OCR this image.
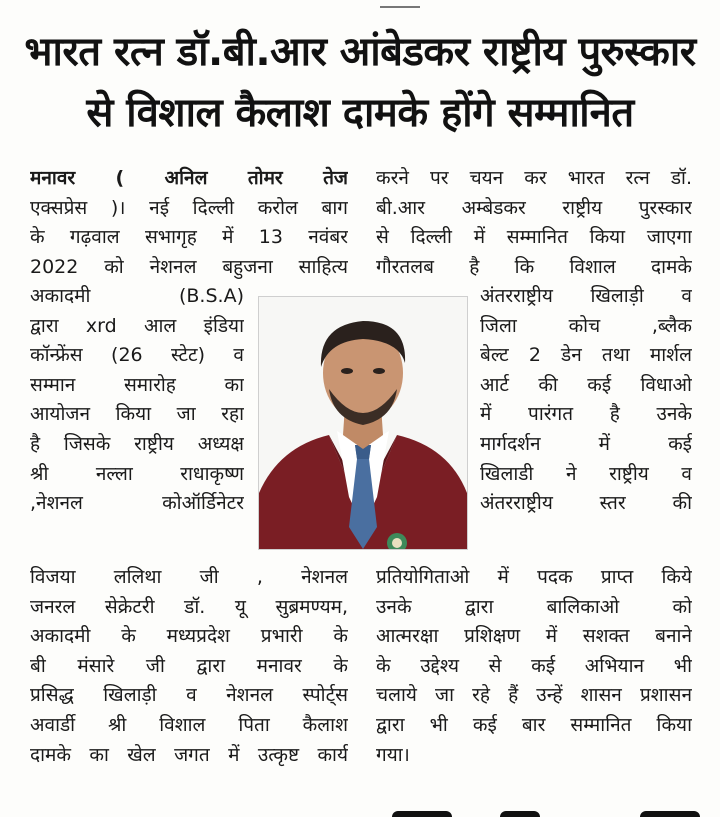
भारत रत्न डॉ.बी.आर आंबेडकर राष्ट्रीय पुरुस्कार
से विशाल कैलाश दामके होंगे सम्मानित
मनावर ( अनिल तोमर तेज
एक्सप्रेस )। नई दिल्ली करोल बाग
के गढ़वाल सभागृह में 13 नवंबर
2022 को नेशनल बहुजना साहित्य
अकादमी (B.S.A)
द्वारा xrd आल इंडिया
कॉन्फ्रेंस (26 स्टेट) व
सम्मान समारोह का
आयोजन किया जा रहा
है जिसके राष्ट्रीय अध्यक्ष
श्री नल्ला राधाकृष्ण
,नेशनल कोऑर्डिनेटर
विजया ललिथा जी , नेशनल
जनरल सेक्रेटरी डॉ. यू सुब्रमण्यम,
अकादमी के मध्यप्रदेश प्रभारी के
बी मंसारे जी द्वारा मनावर के
प्रसिद्ध खिलाड़ी व नेशनल स्पोर्ट्स
अवार्डी श्री विशाल पिता कैलाश
दामके का खेल जगत में उत्कृष्ट कार्य
करने पर चयन कर भारत रत्न डॉ.
बी.आर अम्बेडकर राष्ट्रीय पुरस्कार
से दिल्ली में सम्मानित किया जाएगा
गौरतलब है कि विशाल दामके
अंतरराष्ट्रीय खिलाड़ी व
जिला कोच ,ब्लैक
बेल्ट 2 डेन तथा मार्शल
आर्ट की कई विधाओ
में पारंगत है उनके
मार्गदर्शन में कई
खिलाडी ने राष्ट्रीय व
अंतरराष्ट्रीय स्तर की
प्रतियोगिताओ में पदक प्राप्त किये
उनके द्वारा बालिकाओ को
आत्मरक्षा प्रशिक्षण में सशक्त बनाने
के उद्देश्य से कई अभियान भी
चलाये जा रहे हैं उन्हें शासन प्रशासन
द्वारा भी कई बार सम्मानित किया
गया।
